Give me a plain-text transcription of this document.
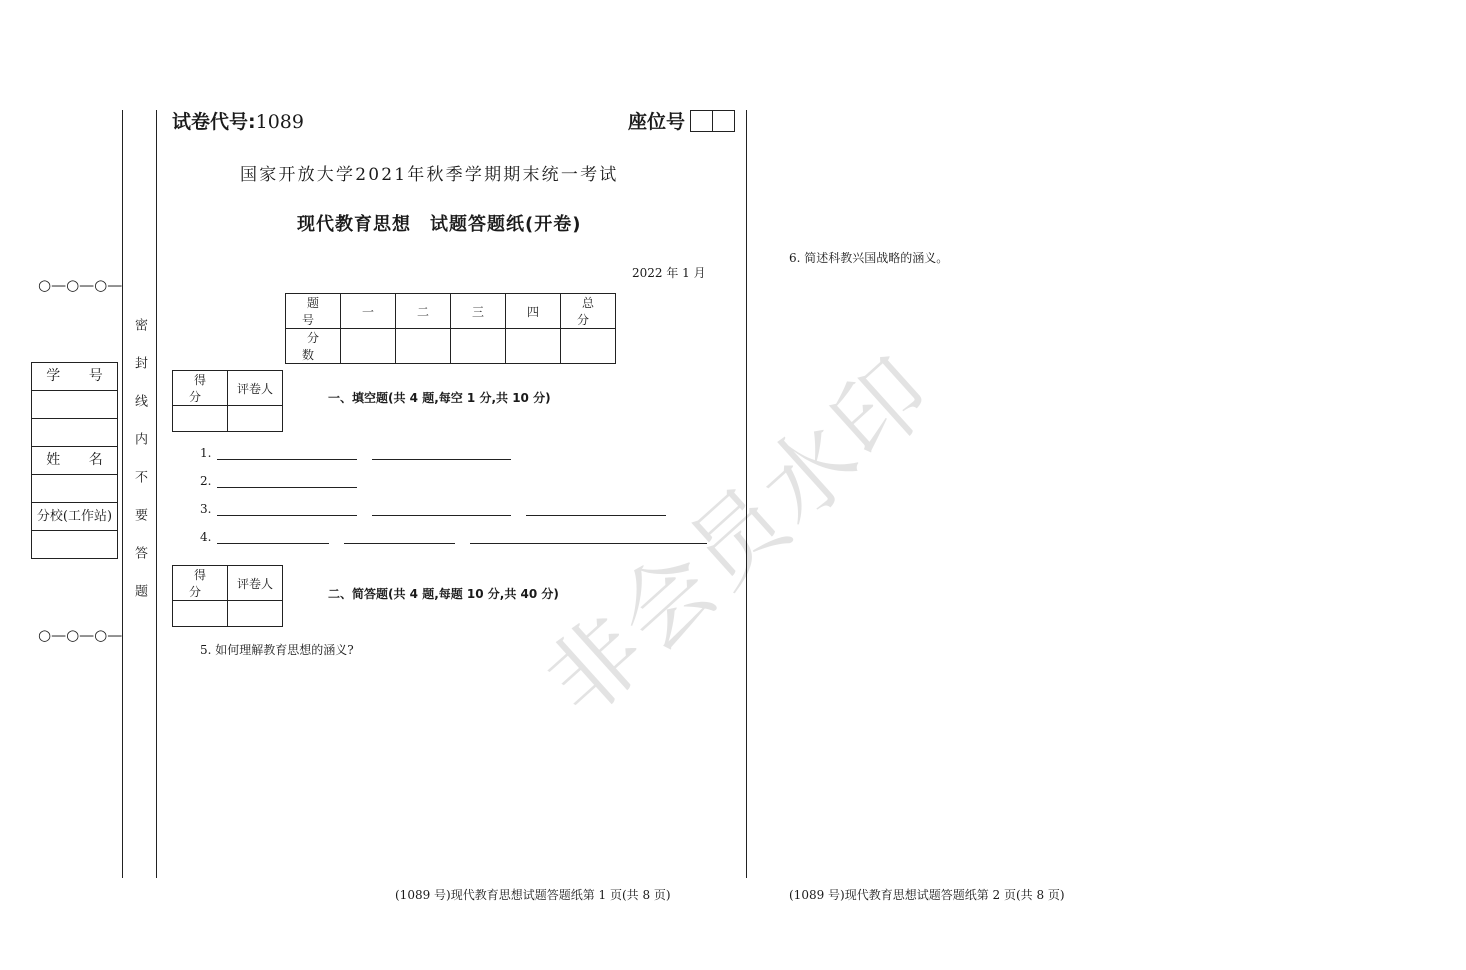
○—○—○—
○—○—○—
学 号
姓 名
分校(工作站)	密封线内不要答题
试卷代号:1089	座位号
国家开放大学2021年秋季学期期末统一考试
现代教育思想　试题答题纸(开卷)
2022 年 1 月
题 号	一	二	三	四	总 分
分 数					
得 分	评卷人

一、填空题(共 4 题,每空 1 分,共 10 分)
1.
2.
3.
4.
得 分	评卷人

二、简答题(共 4 题,每题 10 分,共 40 分)
5. 如何理解教育思想的涵义?
6. 简述科教兴国战略的涵义。
(1089 号)现代教育思想试题答题纸第 1 页(共 8 页)	(1089 号)现代教育思想试题答题纸第 2 页(共 8 页)
非会员水印
